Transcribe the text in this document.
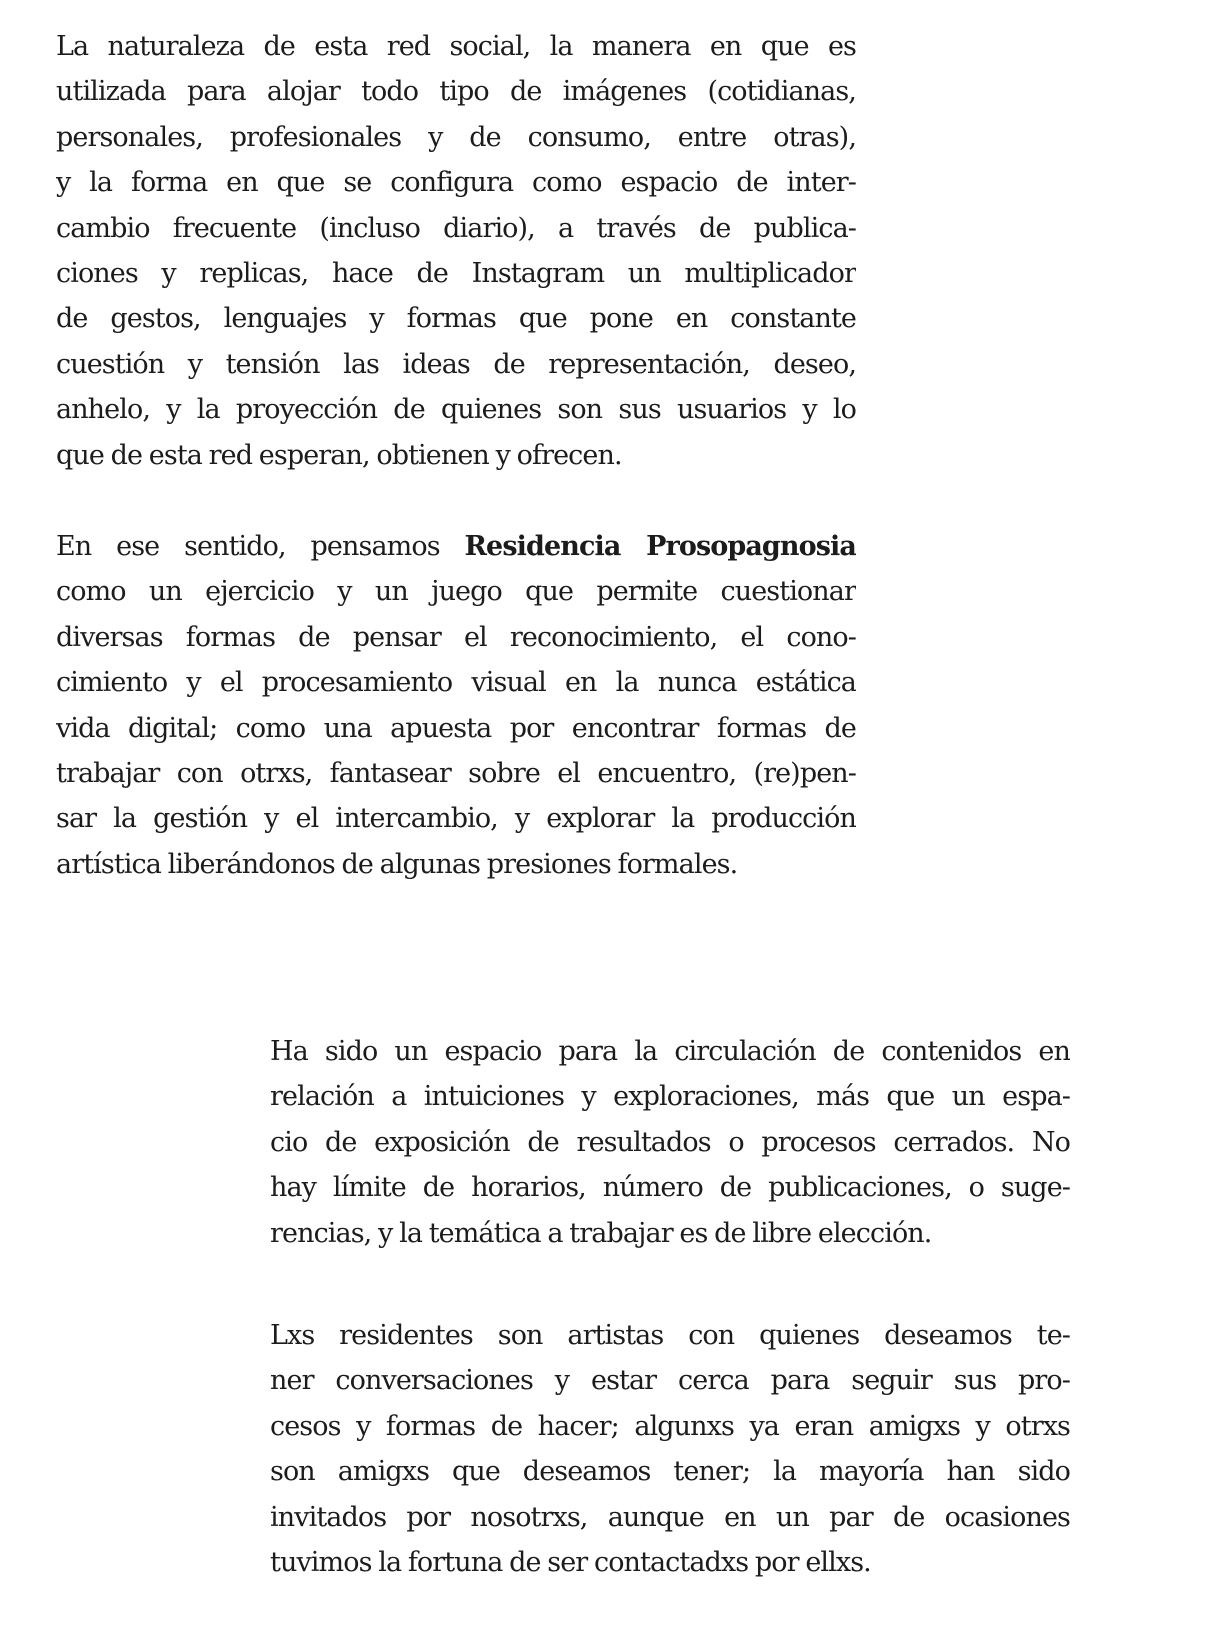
La naturaleza de esta red social, la manera en que es
utilizada para alojar todo tipo de imágenes (cotidianas,
personales, profesionales y de consumo, entre otras),
y la forma en que se configura como espacio de inter-
cambio frecuente (incluso diario), a través de publica-
ciones y replicas, hace de Instagram un multiplicador
de gestos, lenguajes y formas que pone en constante
cuestión y tensión las ideas de representación, deseo,
anhelo, y la proyección de quienes son sus usuarios y lo
que de esta red esperan, obtienen y ofrecen.
En ese sentido, pensamos Residencia Prosopagnosia
como un ejercicio y un juego que permite cuestionar
diversas formas de pensar el reconocimiento, el cono-
cimiento y el procesamiento visual en la nunca estática
vida digital; como una apuesta por encontrar formas de
trabajar con otrxs, fantasear sobre el encuentro, (re)pen-
sar la gestión y el intercambio, y explorar la producción
artística liberándonos de algunas presiones formales.
Ha sido un espacio para la circulación de contenidos en
relación a intuiciones y exploraciones, más que un espa-
cio de exposición de resultados o procesos cerrados. No
hay límite de horarios, número de publicaciones, o suge-
rencias, y la temática a trabajar es de libre elección.
Lxs residentes son artistas con quienes deseamos te-
ner conversaciones y estar cerca para seguir sus pro-
cesos y formas de hacer; algunxs ya eran amigxs y otrxs
son amigxs que deseamos tener; la mayoría han sido
invitados por nosotrxs, aunque en un par de ocasiones
tuvimos la fortuna de ser contactadxs por ellxs.
